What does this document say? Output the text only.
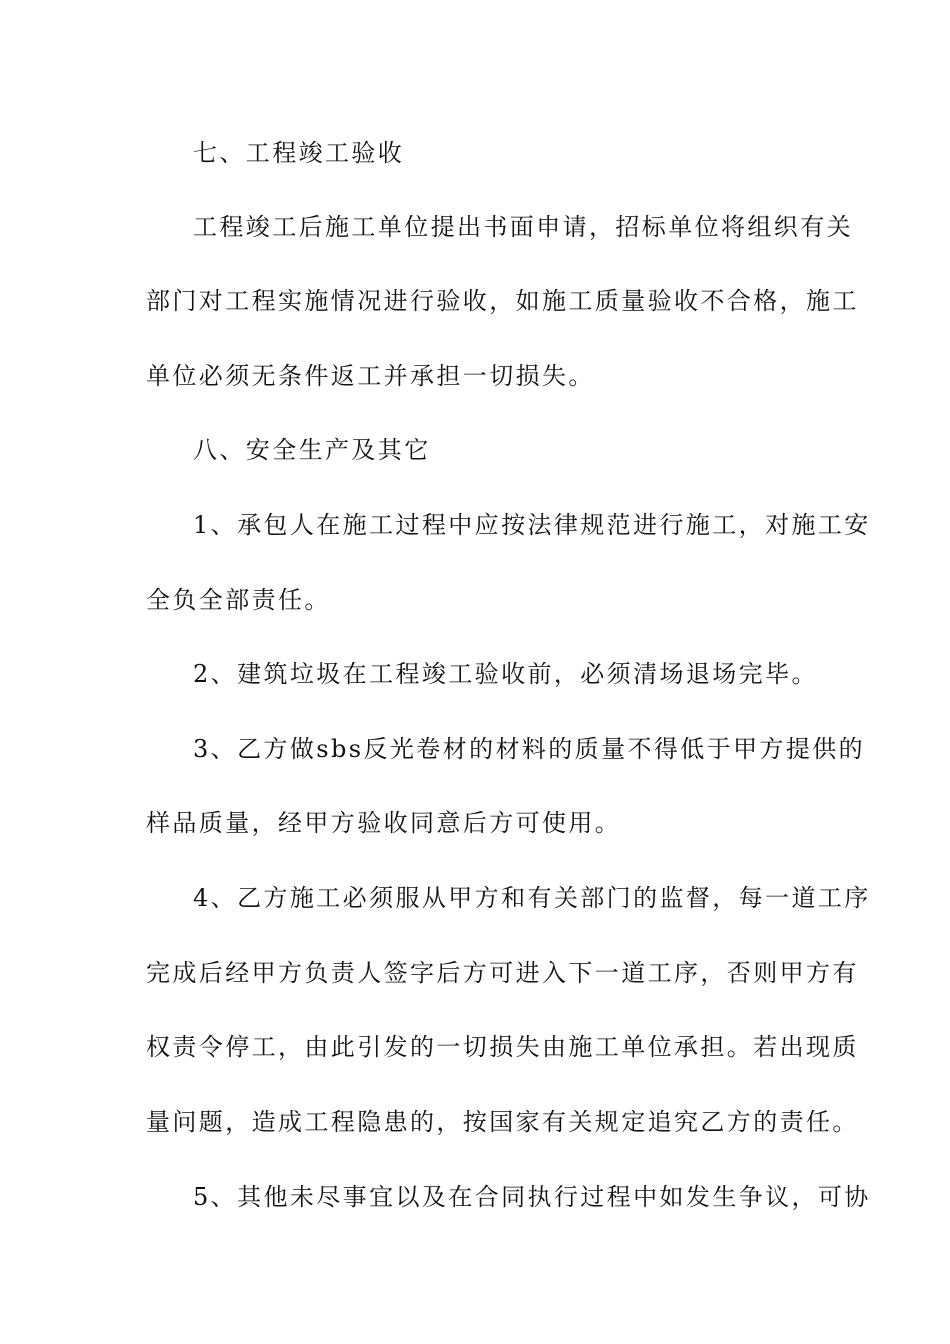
七、工程竣工验收
工程竣工后施工单位提出书面申请，招标单位将组织有关
部门对工程实施情况进行验收，如施工质量验收不合格，施工
单位必须无条件返工并承担一切损失。
八、安全生产及其它
1、承包人在施工过程中应按法律规范进行施工，对施工安
全负全部责任。
2、建筑垃圾在工程竣工验收前，必须清场退场完毕。
3、乙方做sbs反光卷材的材料的质量不得低于甲方提供的
样品质量，经甲方验收同意后方可使用。
4、乙方施工必须服从甲方和有关部门的监督，每一道工序
完成后经甲方负责人签字后方可进入下一道工序，否则甲方有
权责令停工，由此引发的一切损失由施工单位承担。若出现质
量问题，造成工程隐患的，按国家有关规定追究乙方的责任。
5、其他未尽事宜以及在合同执行过程中如发生争议，可协
